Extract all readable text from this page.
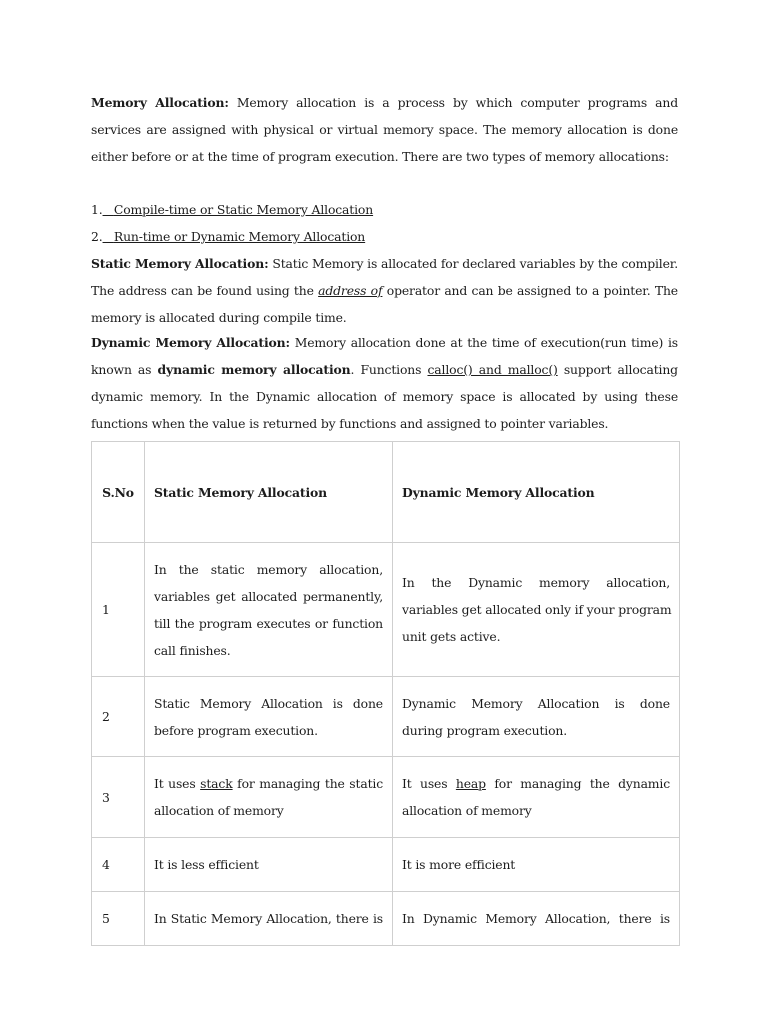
Memory Allocation: Memory allocation is a process by which computer programs and
services are assigned with physical or virtual memory space. The memory allocation is done
either before or at the time of program execution. There are two types of memory allocations:

1. Compile-time or Static Memory Allocation
2. Run-time or Dynamic Memory Allocation

Static Memory Allocation: Static Memory is allocated for declared variables by the compiler.
The address can be found using the address of operator and can be assigned to a pointer. The
memory is allocated during compile time.

Dynamic Memory Allocation: Memory allocation done at the time of execution(run time) is
known as dynamic memory allocation. Functions calloc() and malloc() support allocating
dynamic memory. In the Dynamic allocation of memory space is allocated by using these
functions when the value is returned by functions and assigned to pointer variables.

S.No	Static Memory Allocation	Dynamic Memory Allocation
1	In the static memory allocation,
variables get allocated permanently,
till the program executes or function
call finishes.	In the Dynamic memory allocation,
variables get allocated only if your program
unit gets active.

2	Static Memory Allocation is done
before program execution.	Dynamic Memory Allocation is done
during program execution.

3	It uses stack for managing the static
allocation of memory	It uses heap for managing the dynamic
allocation of memory

4	It is less efficient	It is more efficient

5	In Static Memory Allocation, there is	In Dynamic Memory Allocation, there is
